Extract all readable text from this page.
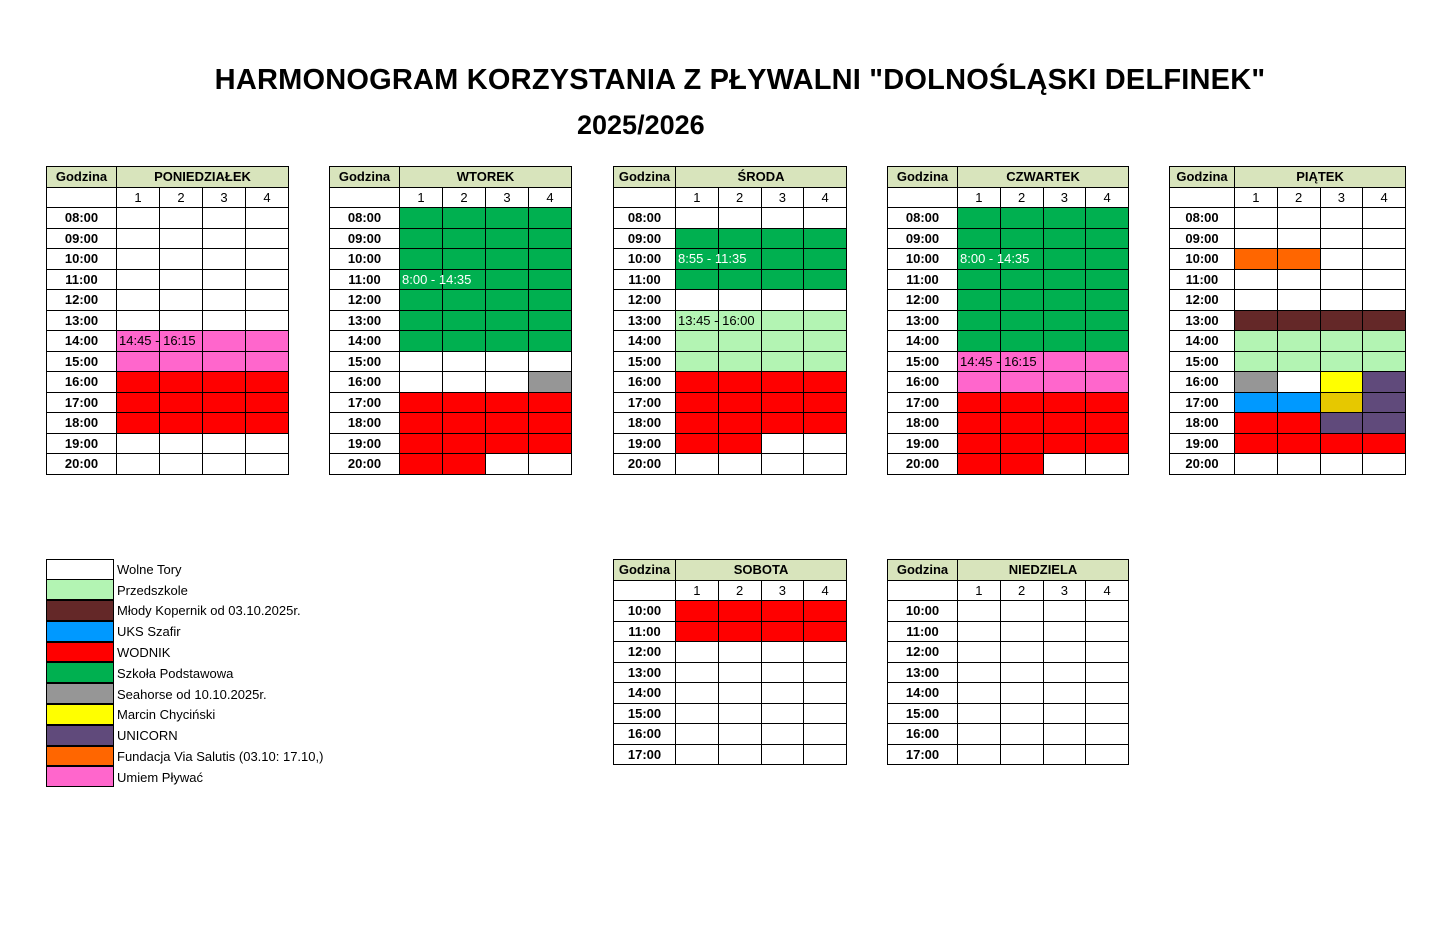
HARMONOGRAM KORZYSTANIA Z PŁYWALNI "DOLNOŚLĄSKI DELFINEK"
2025/2026
Godzina	PONIEDZIAŁEK			
	1	2	3	4
08:00				
09:00				
10:00				
11:00				
12:00				
13:00				
14:00	14:45 - 16:15			

15:00				
16:00				
17:00				
18:00				
19:00				
20:00				
Godzina	WTOREK			
	1	2	3	4
08:00				
09:00				
10:00				
11:00	8:00 - 14:35			

12:00				
13:00				
14:00				
15:00				
16:00				
17:00				
18:00				
19:00				
20:00				
Godzina	ŚRODA			
	1	2	3	4
08:00				
09:00				
10:00	8:55 - 11:35			

11:00				
12:00				
13:00	13:45 - 16:00			

14:00				
15:00				
16:00				
17:00				
18:00				
19:00				
20:00				
Godzina	CZWARTEK			
	1	2	3	4
08:00				
09:00				
10:00	8:00 - 14:35			

11:00				
12:00				
13:00				
14:00				
15:00	14:45 - 16:15			

16:00				
17:00				
18:00				
19:00				
20:00				
Godzina	PIĄTEK			
	1	2	3	4
08:00				
09:00				
10:00				
11:00				
12:00				
13:00				
14:00				
15:00				
16:00				
17:00				
18:00				
19:00				
20:00				
Godzina	SOBOTA			
	1	2	3	4
10:00				
11:00				
12:00				
13:00				
14:00				
15:00				
16:00				
17:00				
Godzina	NIEDZIELA			
	1	2	3	4
10:00				
11:00				
12:00				
13:00				
14:00				
15:00				
16:00				
17:00				
Wolne Tory
Przedszkole
Młody Kopernik od 03.10.2025r.
UKS Szafir
WODNIK
Szkoła Podstawowa
Seahorse od 10.10.2025r.
Marcin Chyciński
UNICORN
Fundacja Via Salutis (03.10: 17.10,)
Umiem Pływać
